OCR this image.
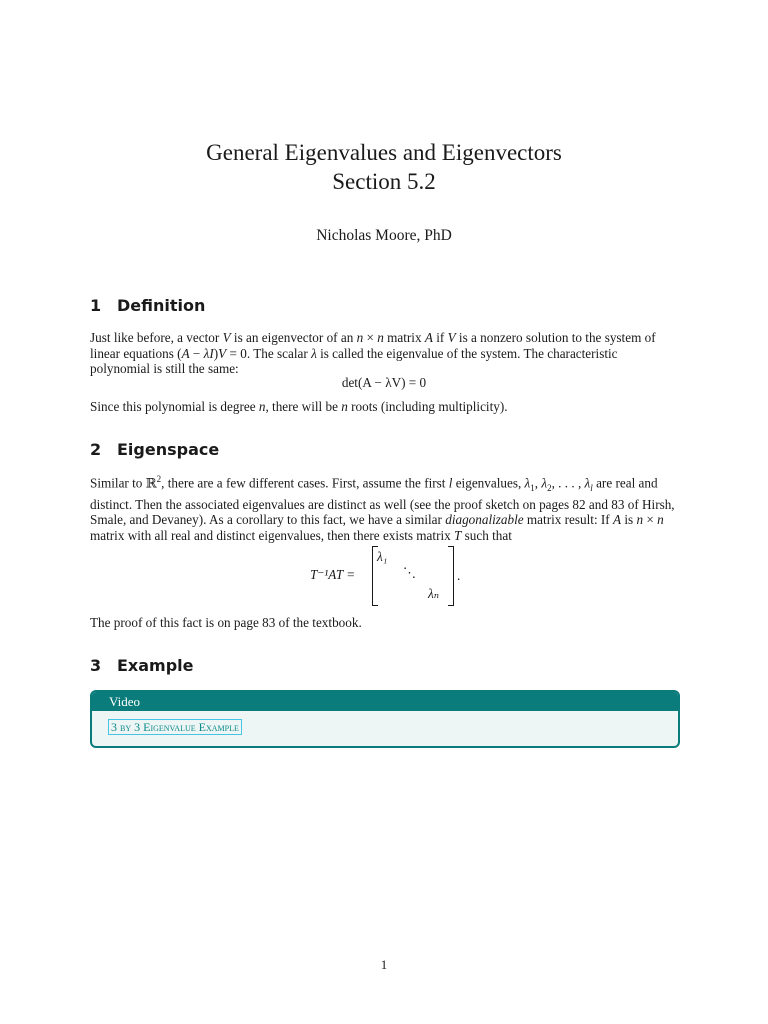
General Eigenvalues and Eigenvectors
Section 5.2
Nicholas Moore, PhD
1 Definition
Just like before, a vector V is an eigenvector of an n × n matrix A if V is a nonzero solution to the system of linear equations (A − λI)V = 0. The scalar λ is called the eigenvalue of the system. The characteristic polynomial is still the same:
det(A − λV) = 0
Since this polynomial is degree n, there will be n roots (including multiplicity).
2 Eigenspace
Similar to ℝ$^2$, there are a few different cases. First, assume the first l eigenvalues, $\lambda_1$, $\lambda_2$, . . . , $\lambda_l$ are real and distinct. Then the associated eigenvalues are distinct as well (see the proof sketch on pages 82 and 83 of Hirsh, Smale, and Devaney). As a corollary to this fact, we have a similar diagonalizable matrix result: If A is n × n matrix with all real and distinct eigenvalues, then there exists matrix T such that
T⁻¹AT =
λ₁
⋱
λₙ
.
The proof of this fact is on page 83 of the textbook.
3 Example
Video
3 by 3 Eigenvalue Example
1
